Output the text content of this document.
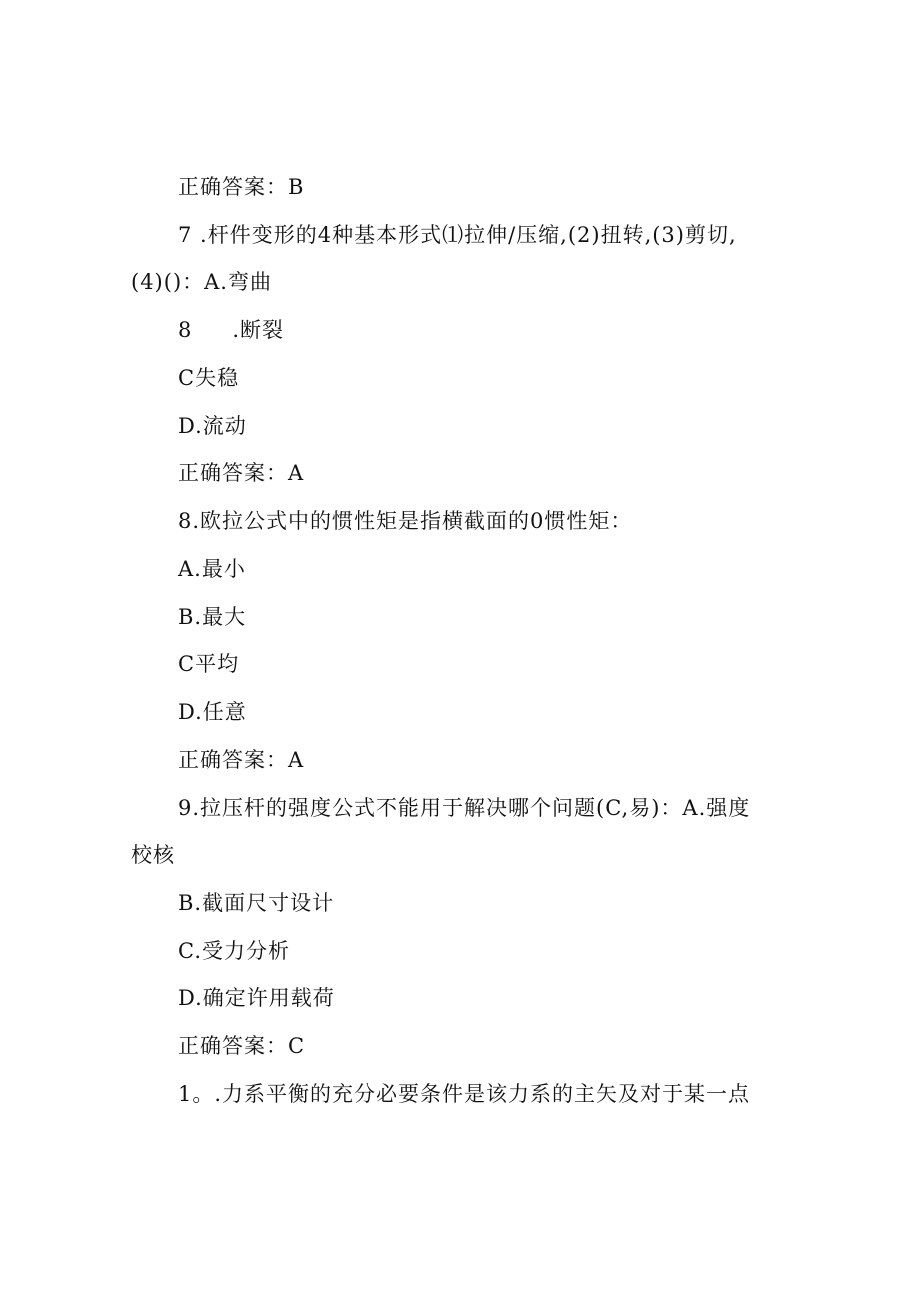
正确答案：B
7 .杆件变形的4种基本形式⑴拉伸/压缩,(2)扭转,(3)剪切,
(4)()：A.弯曲
8 .断裂
C失稳
D.流动
正确答案：A
8.欧拉公式中的惯性矩是指横截面的0惯性矩：
A.最小
B.最大
C平均
D.任意
正确答案：A
9.拉压杆的强度公式不能用于解决哪个问题(C,易)：A.强度
校核
B.截面尺寸设计
C.受力分析
D.确定许用载荷
正确答案：C
1。.力系平衡的充分必要条件是该力系的主矢及对于某一点
